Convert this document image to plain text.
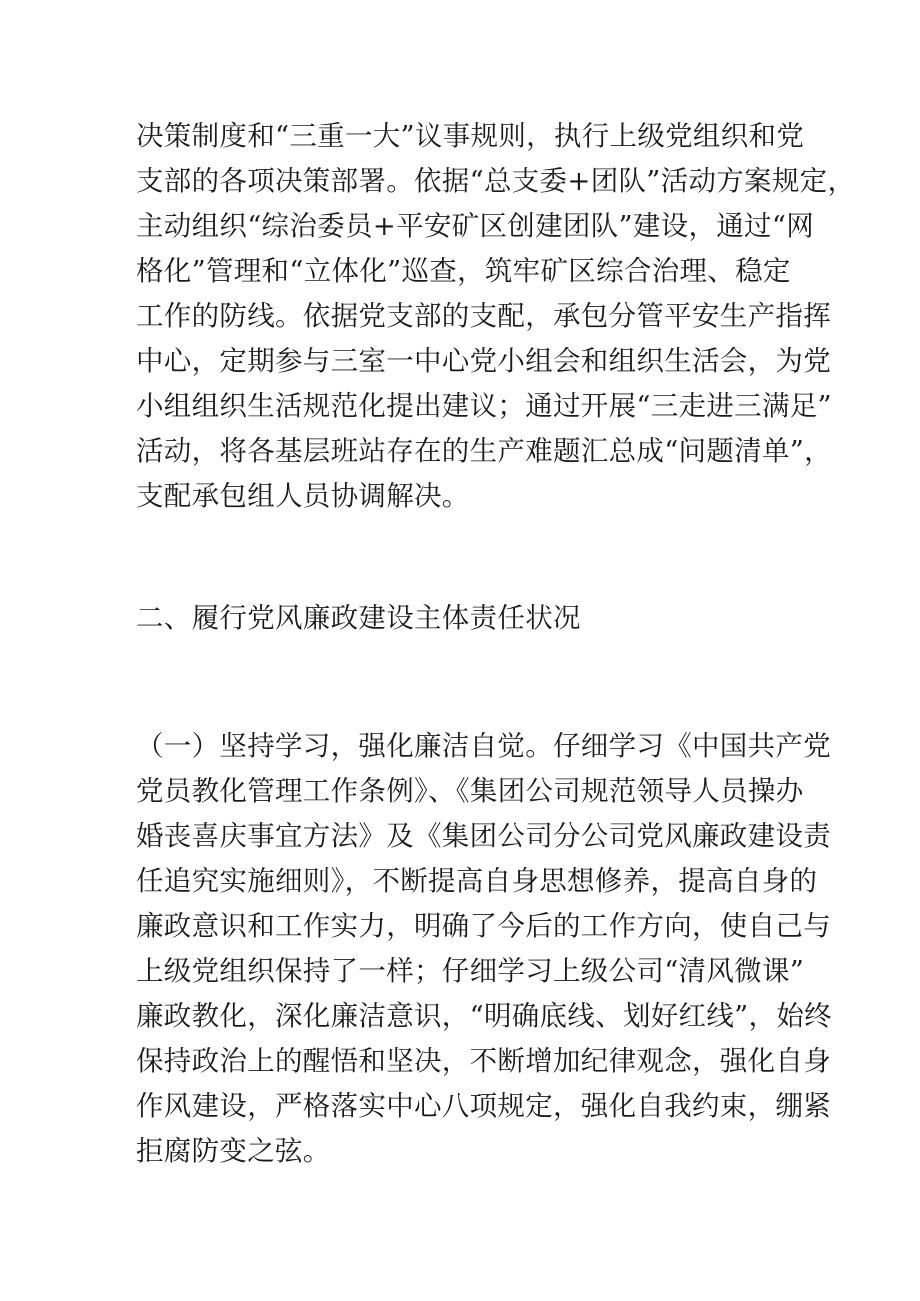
决策制度和“三重一大”议事规则，执行上级党组织和党
支部的各项决策部署。依据“总支委+团队”活动方案规定，
主动组织“综治委员+平安矿区创建团队”建设，通过“网
格化”管理和“立体化”巡查，筑牢矿区综合治理、稳定
工作的防线。依据党支部的支配，承包分管平安生产指挥
中心，定期参与三室一中心党小组会和组织生活会，为党
小组组织生活规范化提出建议；通过开展“三走进三满足”
活动，将各基层班站存在的生产难题汇总成“问题清单”，
支配承包组人员协调解决。
二、履行党风廉政建设主体责任状况
（一）坚持学习，强化廉洁自觉。仔细学习《中国共产党
党员教化管理工作条例》、《集团公司规范领导人员操办
婚丧喜庆事宜方法》及《集团公司分公司党风廉政建设责
任追究实施细则》，不断提高自身思想修养，提高自身的
廉政意识和工作实力，明确了今后的工作方向，使自己与
上级党组织保持了一样；仔细学习上级公司“清风微课”
廉政教化，深化廉洁意识，“明确底线、划好红线”，始终
保持政治上的醒悟和坚决，不断增加纪律观念，强化自身
作风建设，严格落实中心八项规定，强化自我约束，绷紧
拒腐防变之弦。
